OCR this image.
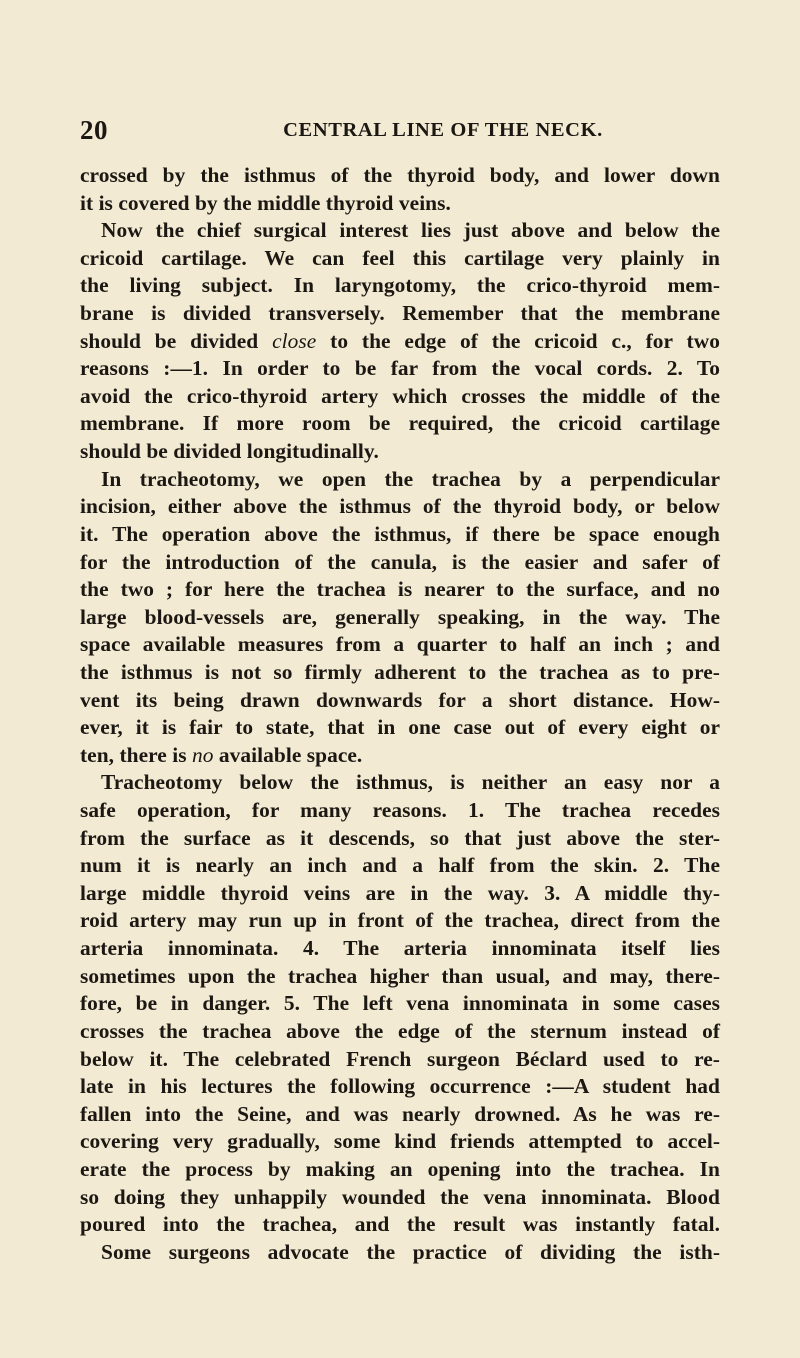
20	CENTRAL LINE OF THE NECK.
crossed by the isthmus of the thyroid body, and lower down
it is covered by the middle thyroid veins.
Now the chief surgical interest lies just above and below the
cricoid cartilage. We can feel this cartilage very plainly in
the living subject. In laryngotomy, the crico-thyroid mem-
brane is divided transversely. Remember that the membrane
should be divided close to the edge of the cricoid c., for two
reasons :—1. In order to be far from the vocal cords. 2. To
avoid the crico-thyroid artery which crosses the middle of the
membrane. If more room be required, the cricoid cartilage
should be divided longitudinally.
In tracheotomy, we open the trachea by a perpendicular
incision, either above the isthmus of the thyroid body, or below
it. The operation above the isthmus, if there be space enough
for the introduction of the canula, is the easier and safer of
the two ; for here the trachea is nearer to the surface, and no
large blood-vessels are, generally speaking, in the way. The
space available measures from a quarter to half an inch ; and
the isthmus is not so firmly adherent to the trachea as to pre-
vent its being drawn downwards for a short distance. How-
ever, it is fair to state, that in one case out of every eight or
ten, there is no available space.
Tracheotomy below the isthmus, is neither an easy nor a
safe operation, for many reasons. 1. The trachea recedes
from the surface as it descends, so that just above the ster-
num it is nearly an inch and a half from the skin. 2. The
large middle thyroid veins are in the way. 3. A middle thy-
roid artery may run up in front of the trachea, direct from the
arteria innominata. 4. The arteria innominata itself lies
sometimes upon the trachea higher than usual, and may, there-
fore, be in danger. 5. The left vena innominata in some cases
crosses the trachea above the edge of the sternum instead of
below it. The celebrated French surgeon Béclard used to re-
late in his lectures the following occurrence :—A student had
fallen into the Seine, and was nearly drowned. As he was re-
covering very gradually, some kind friends attempted to accel-
erate the process by making an opening into the trachea. In
so doing they unhappily wounded the vena innominata. Blood
poured into the trachea, and the result was instantly fatal.
Some surgeons advocate the practice of dividing the isth-
